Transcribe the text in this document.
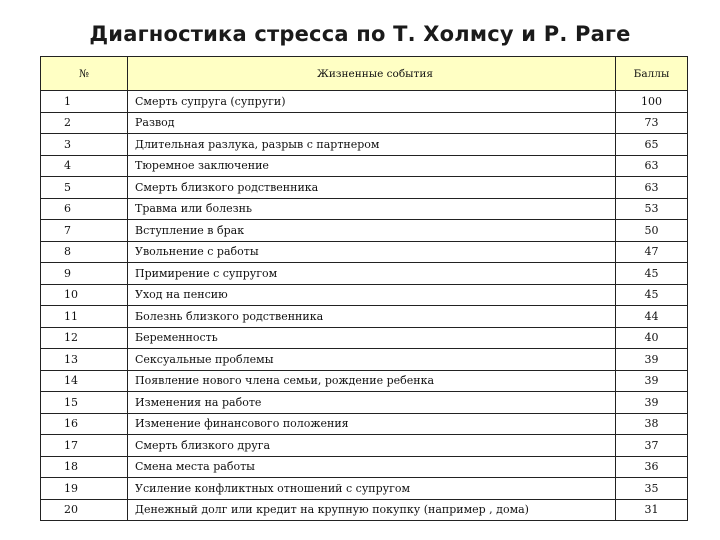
Диагностика стресса по Т. Холмсу и Р. Раге
№	Жизненные события	Баллы
1	Смерть супруга (супруги)	100
2	Развод	73
3	Длительная разлука, разрыв с партнером	65
4	Тюремное заключение	63
5	Смерть близкого родственника	63
6	Травма или болезнь	53
7	Вступление в брак	50
8	Увольнение с работы	47
9	Примирение с супругом	45
10	Уход на пенсию	45
11	Болезнь близкого родственника	44
12	Беременность	40
13	Сексуальные проблемы	39
14	Появление нового члена семьи, рождение ребенка	39
15	Изменения на работе	39
16	Изменение финансового положения	38
17	Смерть близкого друга	37
18	Смена места работы	36
19	Усиление конфликтных отношений с супругом	35
20	Денежный долг или кредит на крупную покупку (например , дома)	31
